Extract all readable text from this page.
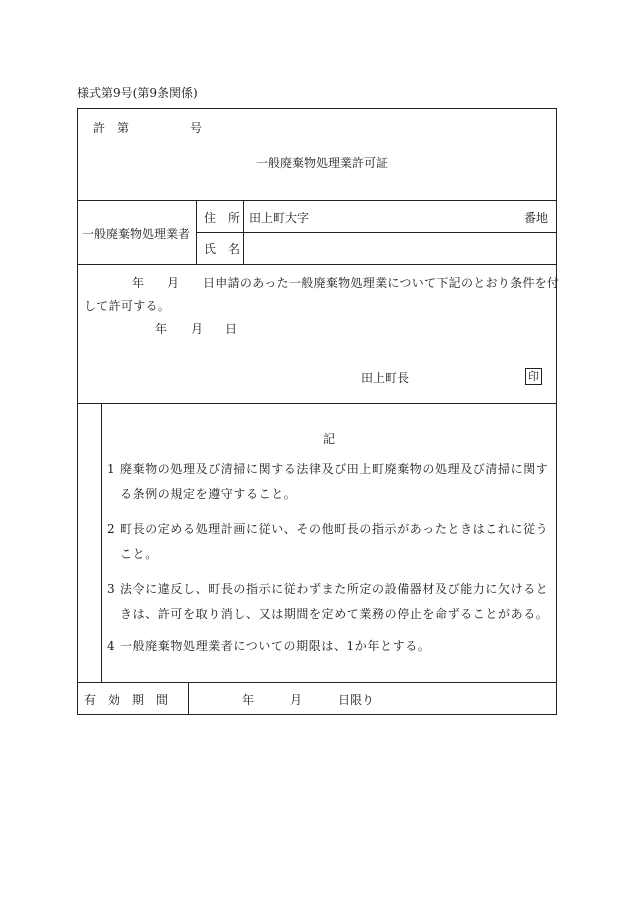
様式第9号(第9条関係)
許　第	号
一般廃棄物処理業許可証
一般廃棄物処理業者
住　所 田上町大字	番地
氏　名
年 月 日申請のあった一般廃棄物処理業について下記のとおり条件を付
して許可する。
年 月 日
田上町長	印
記
1 廃棄物の処理及び清掃に関する法律及び田上町廃棄物の処理及び清掃に関する条例の規定を遵守すること。
2 町長の定める処理計画に従い、その他町長の指示があったときはこれに従うこと。
3 法令に違反し、町長の指示に従わずまた所定の設備器材及び能力に欠けるときは、許可を取り消し、又は期間を定めて業務の停止を命ずることがある。
4 一般廃棄物処理業者についての期限は、1か年とする。
有　効　期　間	年	月	日限り
